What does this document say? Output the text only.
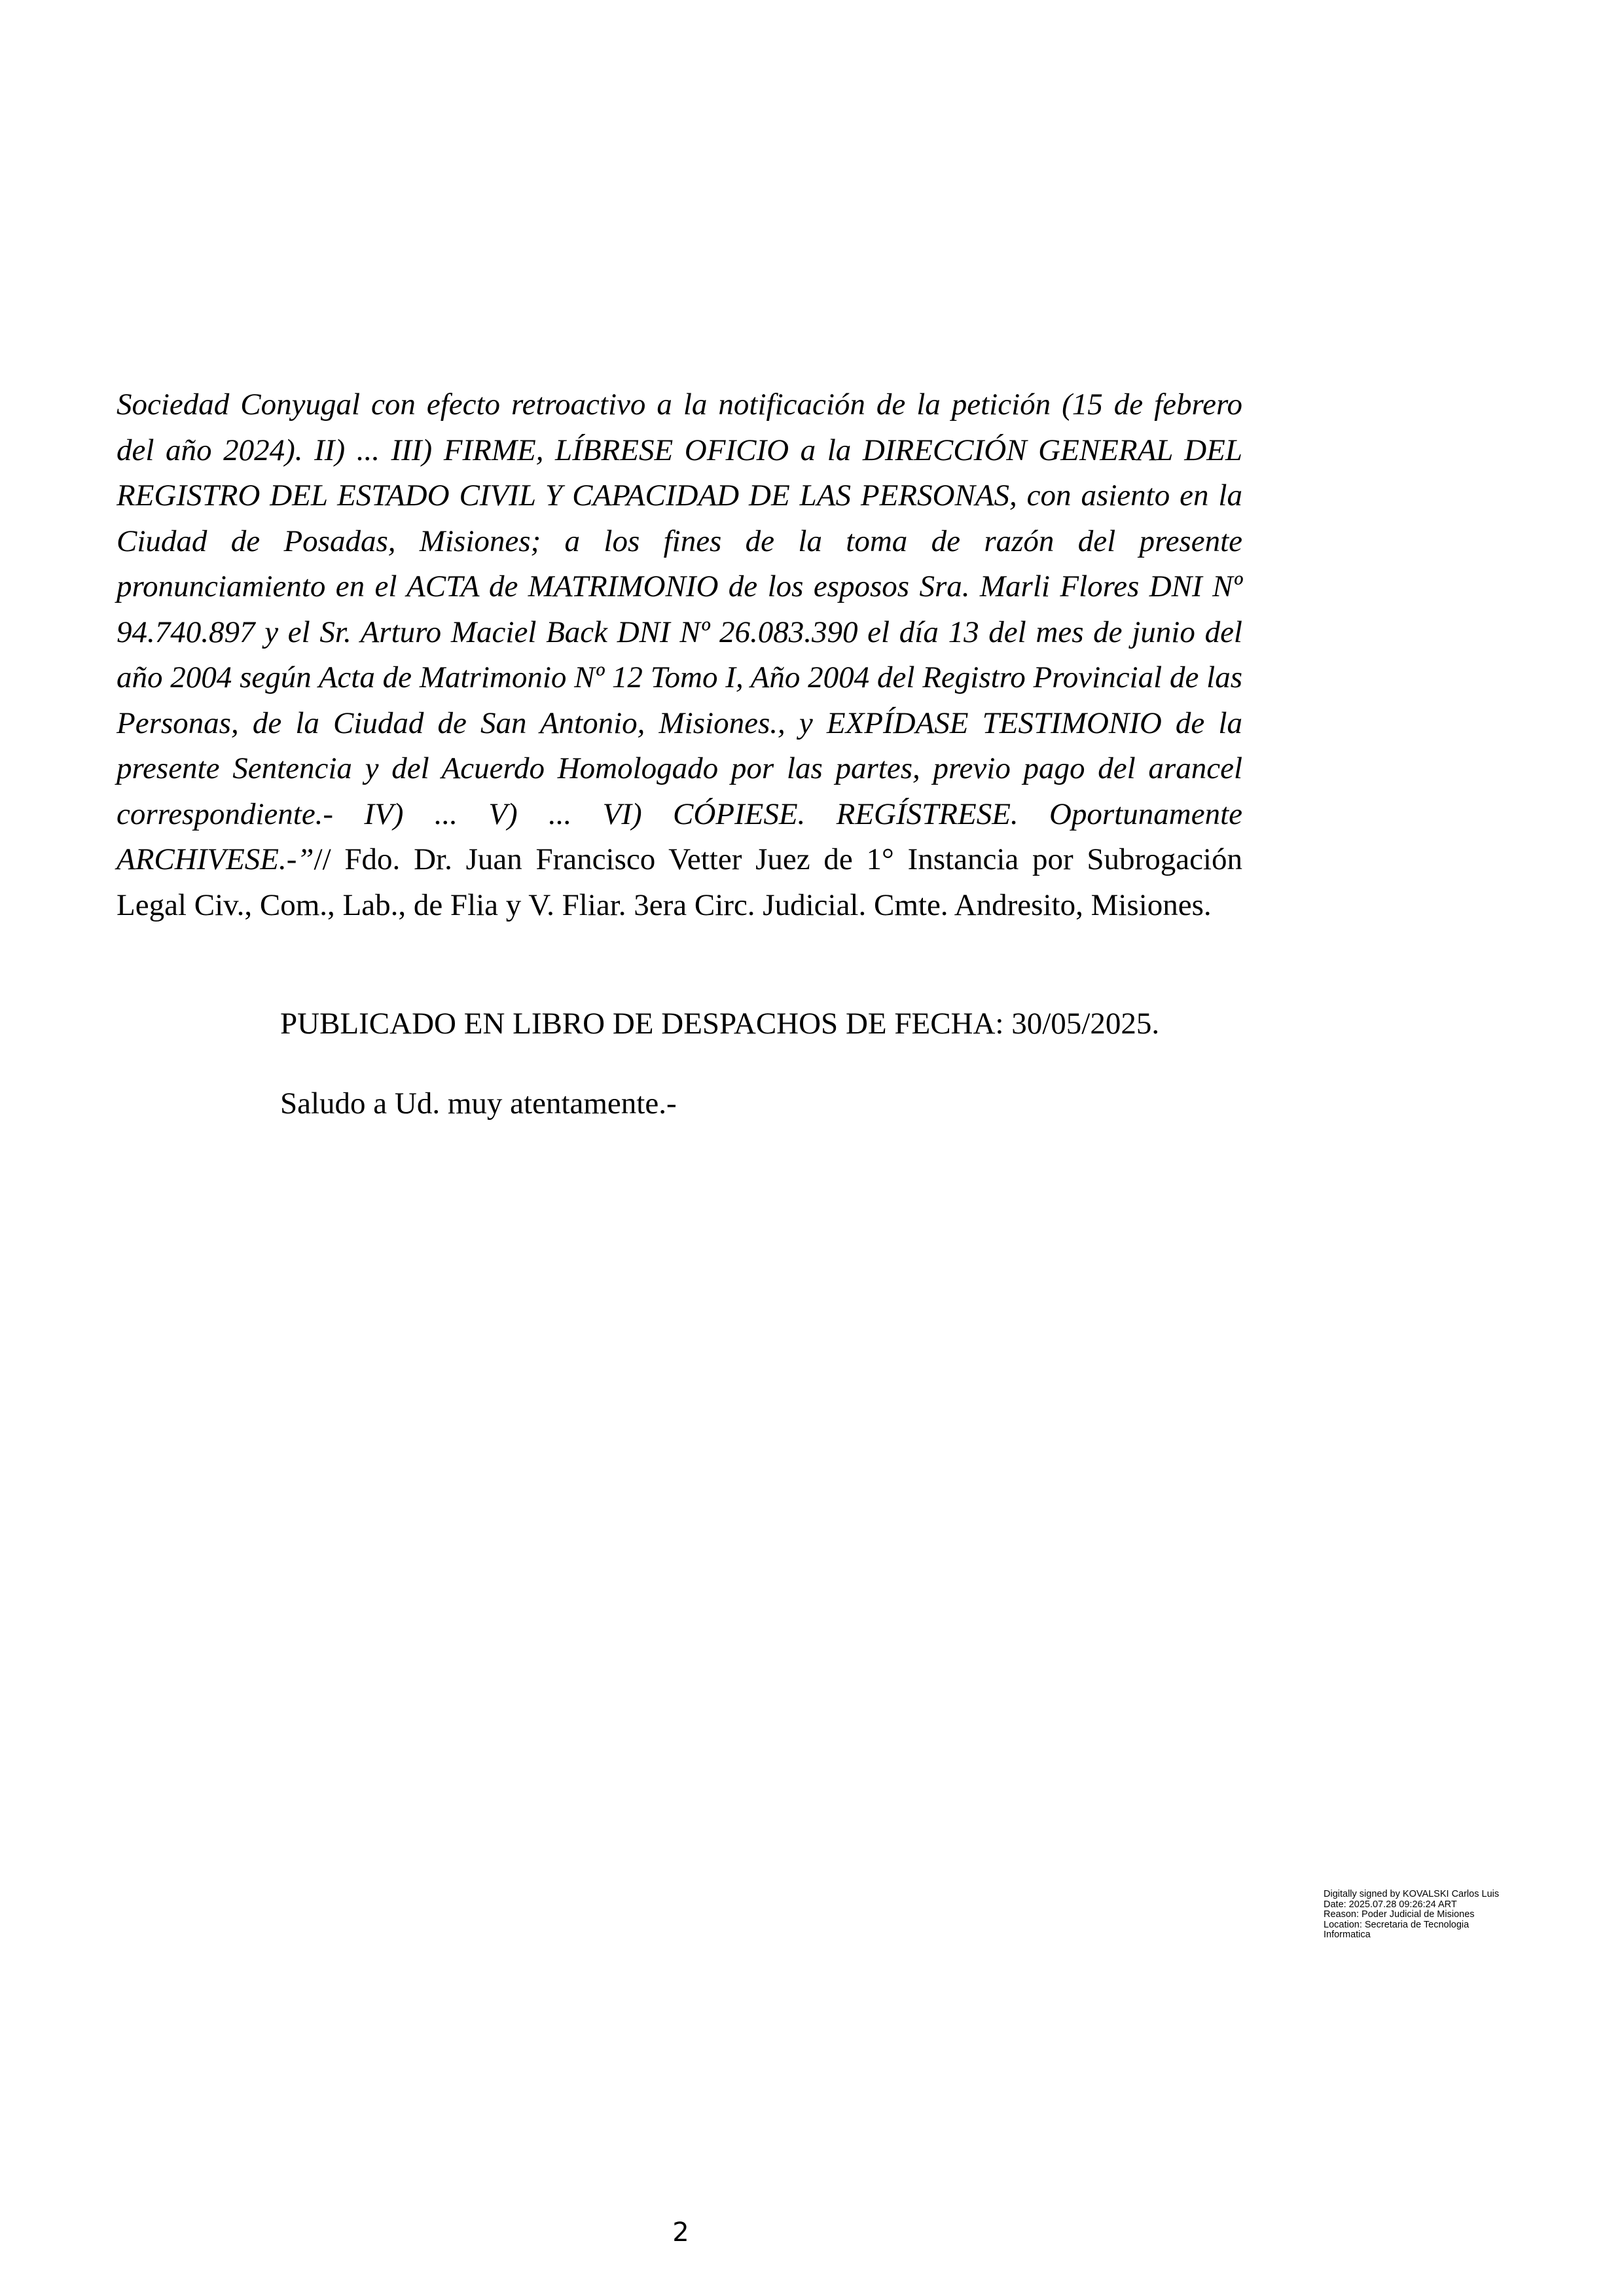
Sociedad Conyugal con efecto retroactivo a la notificación de la petición (15 de febrero del año 2024). II) ... III) FIRME, LÍBRESE OFICIO a la DIRECCIÓN GENERAL DEL REGISTRO DEL ESTADO CIVIL Y CAPACIDAD DE LAS PERSONAS, con asiento en la Ciudad de Posadas, Misiones; a los fines de la toma de razón del presente pronunciamiento en el ACTA de MATRIMONIO de los esposos Sra. Marli Flores DNI Nº 94.740.897 y el Sr. Arturo Maciel Back DNI Nº 26.083.390 el día 13 del mes de junio del año 2004 según Acta de Matrimonio Nº 12 Tomo I, Año 2004 del Registro Provincial de las Personas, de la Ciudad de San Antonio, Misiones., y EXPÍDASE TESTIMONIO de la presente Sentencia y del Acuerdo Homologado por las partes, previo pago del arancel correspondiente.- IV) ... V) ... VI) CÓPIESE. REGÍSTRESE. Oportunamente ARCHIVESE.-”// Fdo. Dr. Juan Francisco Vetter Juez de 1° Instancia por Subrogación Legal Civ., Com., Lab., de Flia y V. Fliar. 3era Circ. Judicial. Cmte. Andresito, Misiones.

PUBLICADO EN LIBRO DE DESPACHOS DE FECHA: 30/05/2025.

Saludo a Ud. muy atentamente.-

Digitally signed by KOVALSKI Carlos Luis
Date: 2025.07.28 09:26:24 ART
Reason: Poder Judicial de Misiones
Location: Secretaria de Tecnologia
Informatica
2
